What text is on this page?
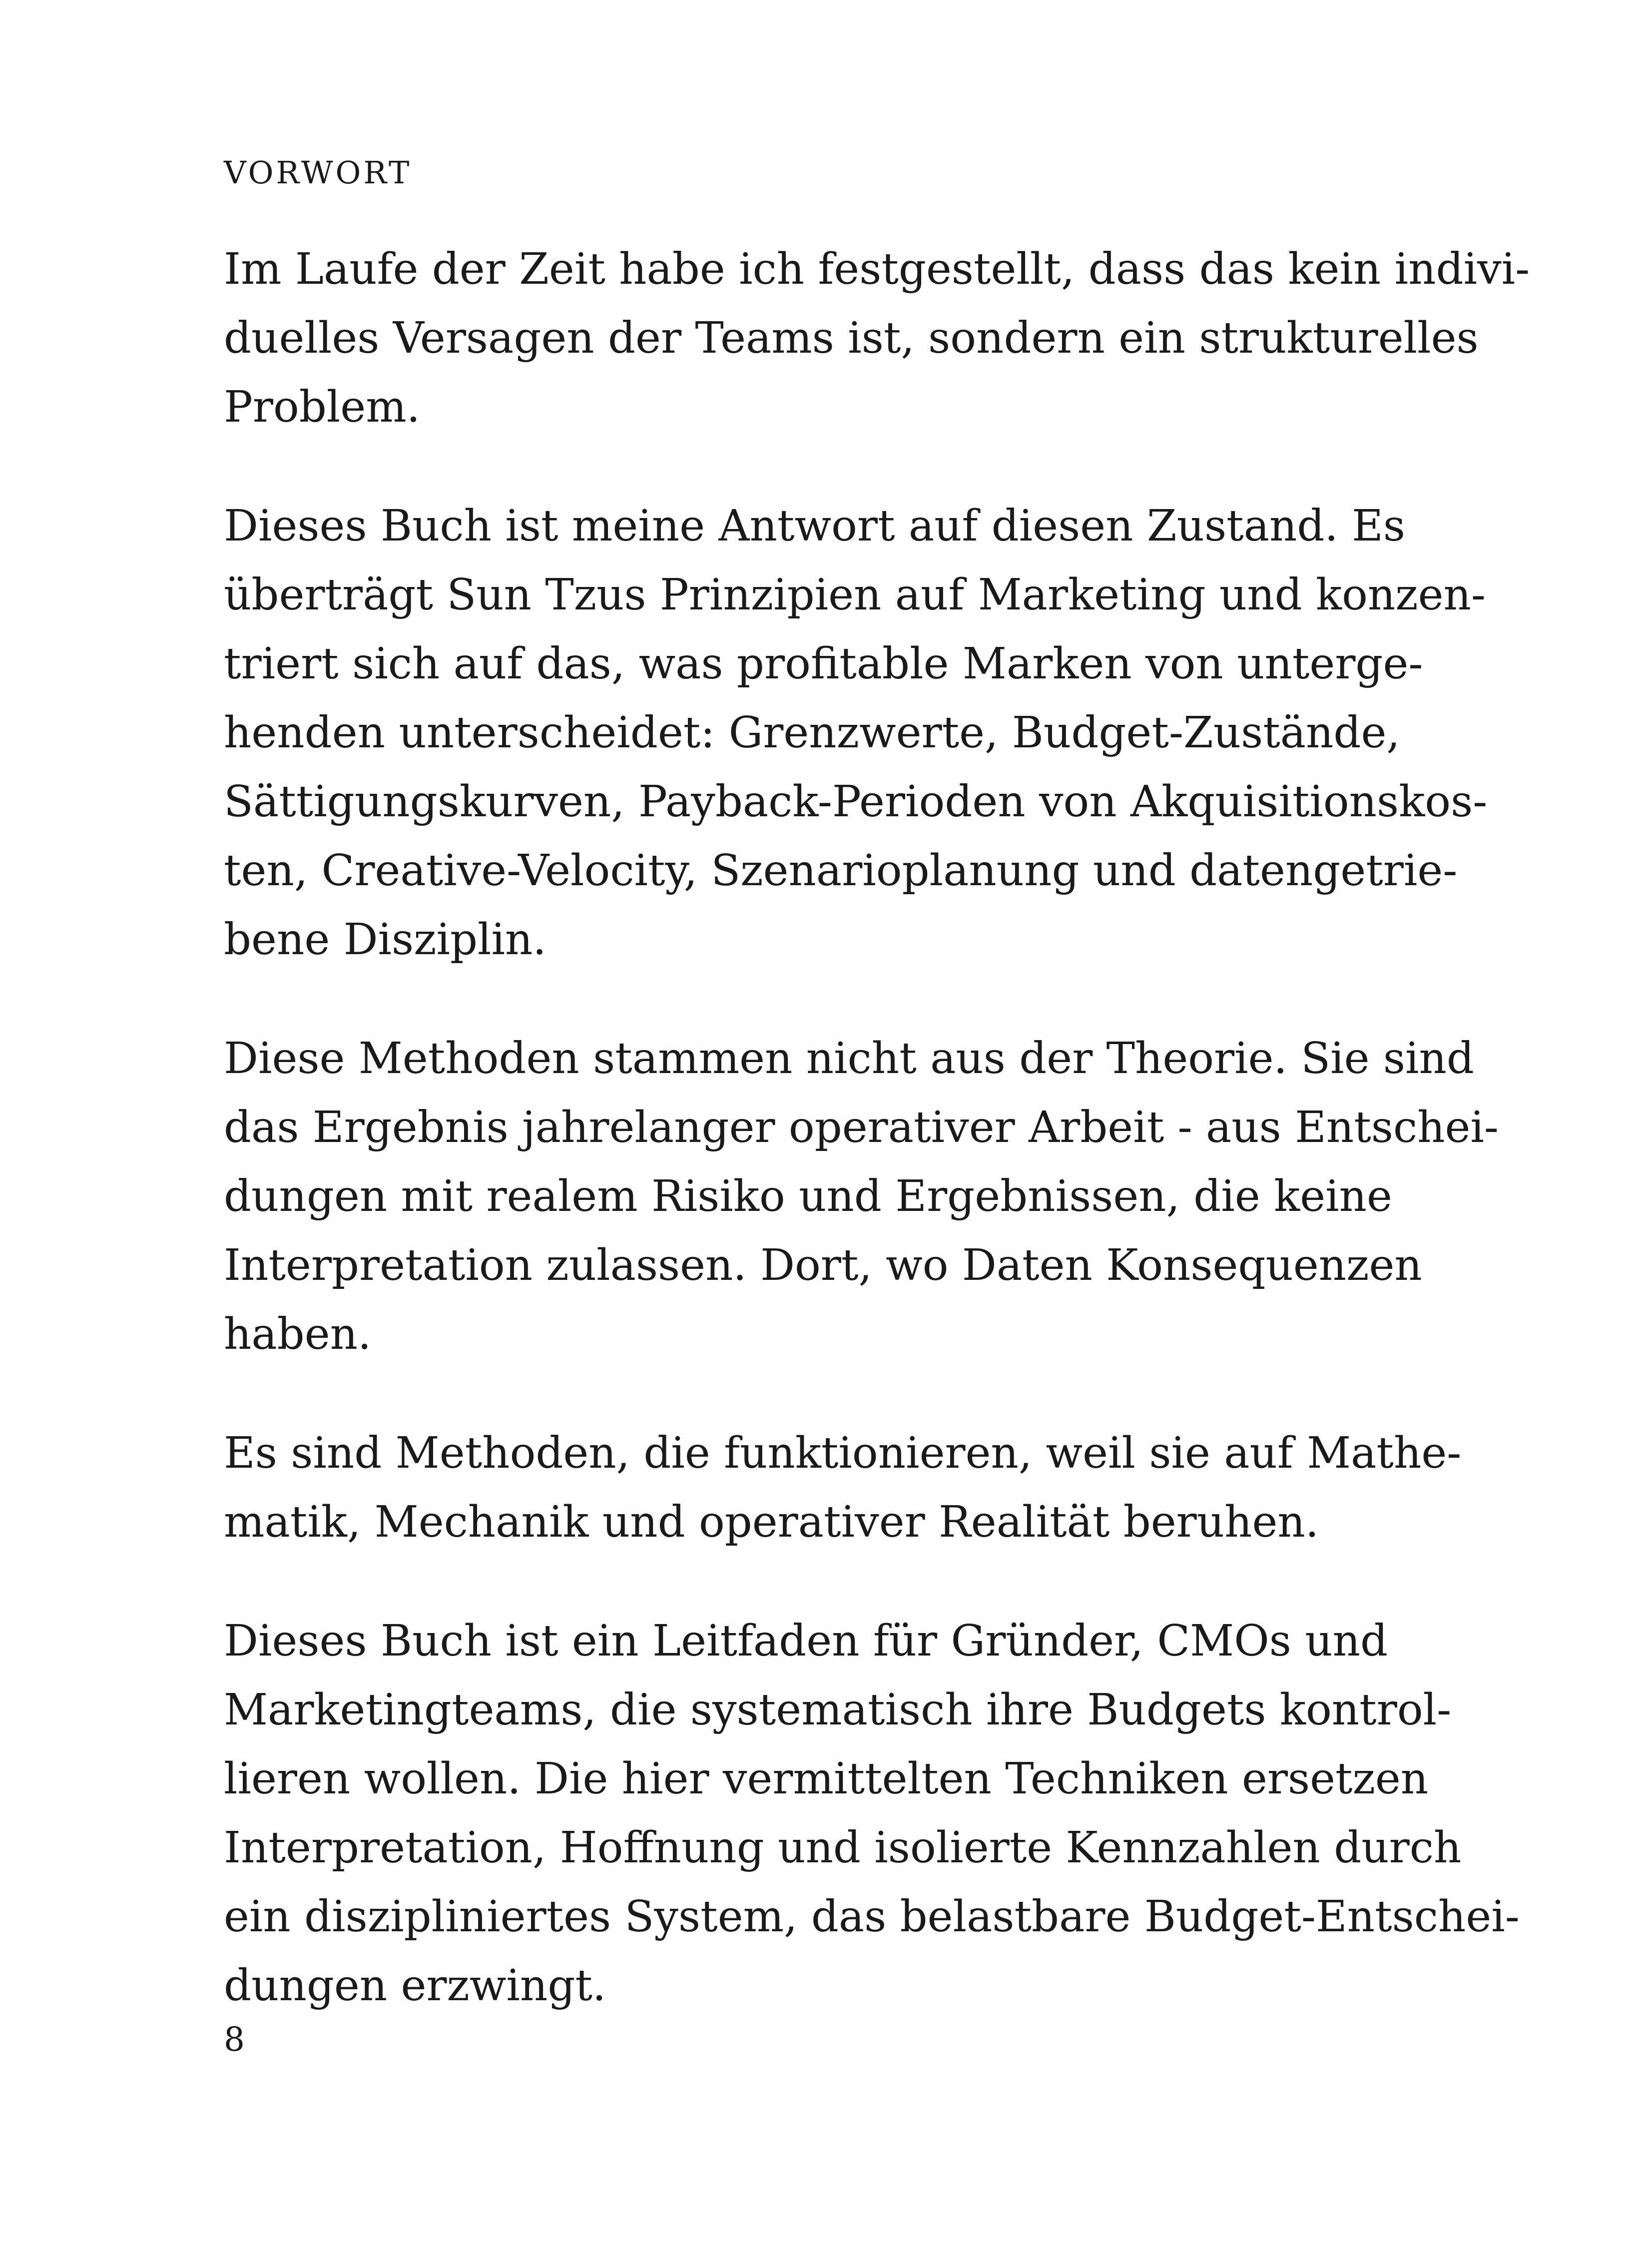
VORWORT
Im Laufe der Zeit habe ich festgestellt, dass das kein indivi-
duelles Versagen der Teams ist, sondern ein strukturelles
Problem.
Dieses Buch ist meine Antwort auf diesen Zustand. Es
überträgt Sun Tzus Prinzipien auf Marketing und konzen-
triert sich auf das, was profitable Marken von unterge-
henden unterscheidet: Grenzwerte, Budget-Zustände,
Sättigungskurven, Payback-Perioden von Akquisitionskos-
ten, Creative-Velocity, Szenarioplanung und datengetrie-
bene Disziplin.
Diese Methoden stammen nicht aus der Theorie. Sie sind
das Ergebnis jahrelanger operativer Arbeit - aus Entschei-
dungen mit realem Risiko und Ergebnissen, die keine
Interpretation zulassen. Dort, wo Daten Konsequenzen
haben.
Es sind Methoden, die funktionieren, weil sie auf Mathe-
matik, Mechanik und operativer Realität beruhen.
Dieses Buch ist ein Leitfaden für Gründer, CMOs und
Marketingteams, die systematisch ihre Budgets kontrol-
lieren wollen. Die hier vermittelten Techniken ersetzen
Interpretation, Hoffnung und isolierte Kennzahlen durch
ein diszipliniertes System, das belastbare Budget-Entschei-
dungen erzwingt.
8
